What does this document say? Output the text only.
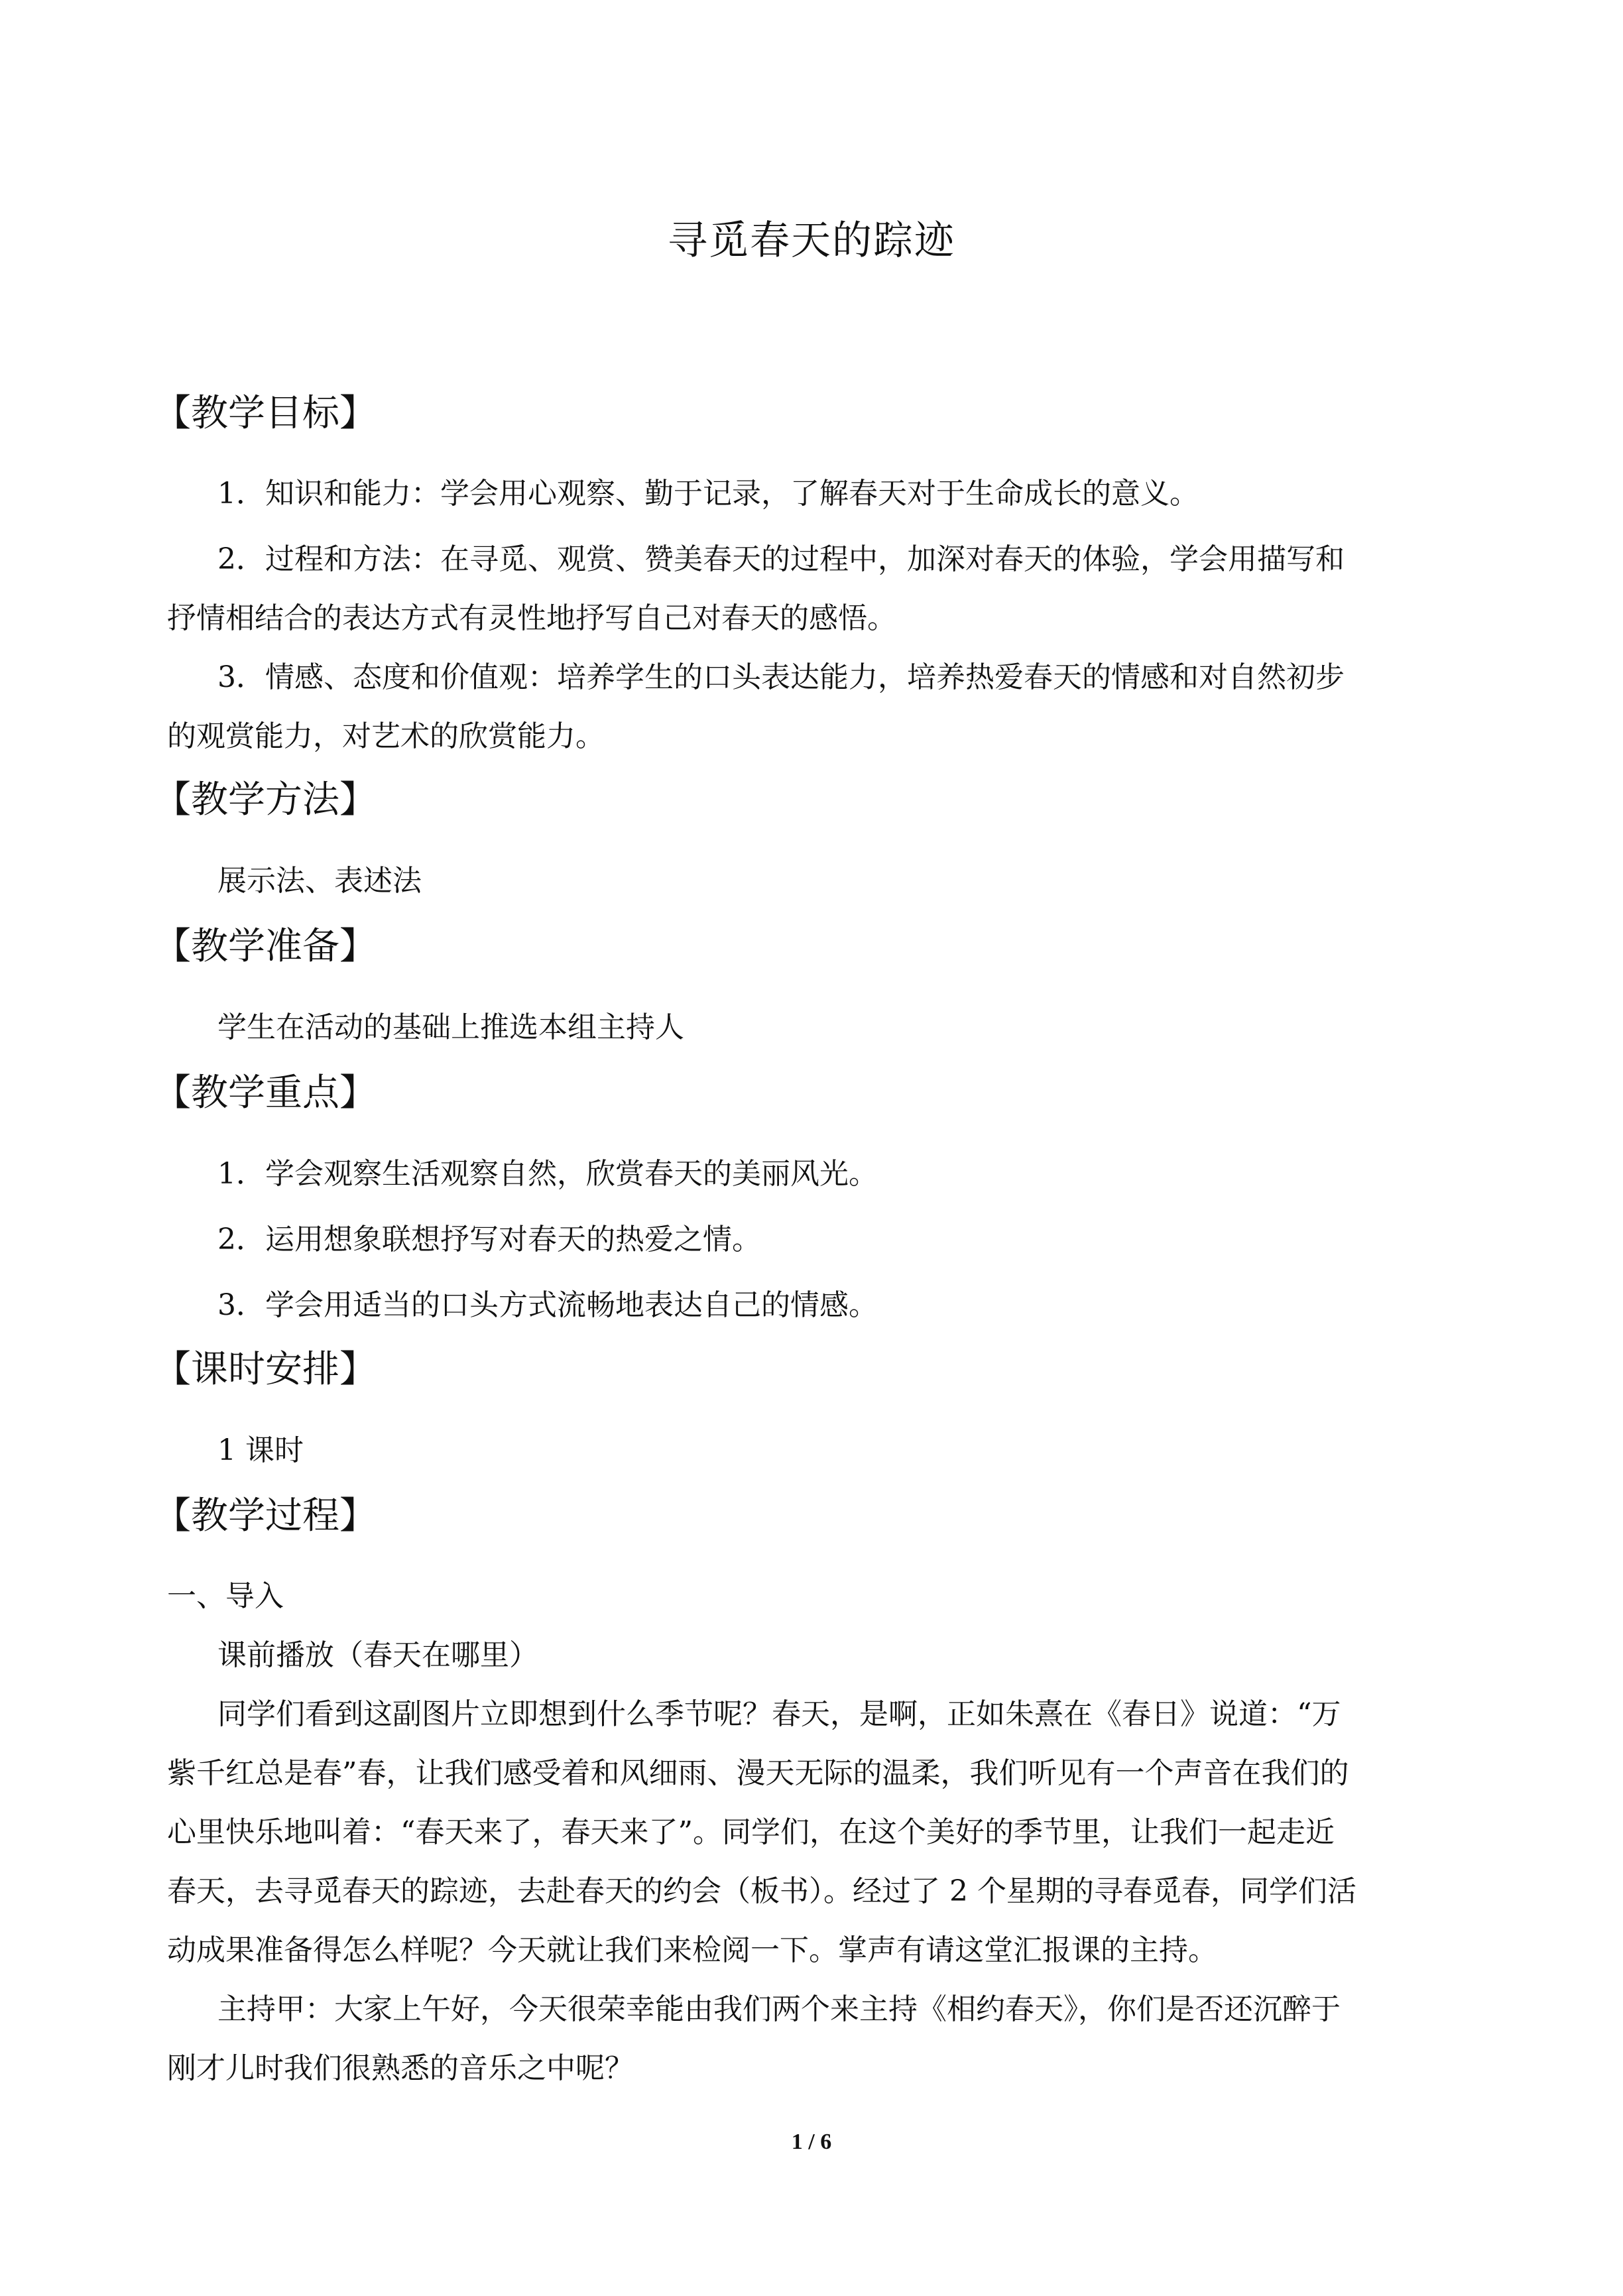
寻觅春天的踪迹
【教学目标】
1．知识和能力：学会用心观察、勤于记录，了解春天对于生命成长的意义。
2．过程和方法：在寻觅、观赏、赞美春天的过程中，加深对春天的体验，学会用描写和
抒情相结合的表达方式有灵性地抒写自己对春天的感悟。
3．情感、态度和价值观：培养学生的口头表达能力，培养热爱春天的情感和对自然初步
的观赏能力，对艺术的欣赏能力。
【教学方法】
展示法、表述法
【教学准备】
学生在活动的基础上推选本组主持人
【教学重点】
1．学会观察生活观察自然，欣赏春天的美丽风光。
2．运用想象联想抒写对春天的热爱之情。
3．学会用适当的口头方式流畅地表达自己的情感。
【课时安排】
1 课时
【教学过程】
一、导入
课前播放（春天在哪里）
同学们看到这副图片立即想到什么季节呢？春天，是啊，正如朱熹在《春日》说道：“万
紫千红总是春”春，让我们感受着和风细雨、漫天无际的温柔，我们听见有一个声音在我们的
心里快乐地叫着：“春天来了，春天来了”。同学们，在这个美好的季节里，让我们一起走近
春天，去寻觅春天的踪迹，去赴春天的约会（板书）。经过了 2 个星期的寻春觅春，同学们活
动成果准备得怎么样呢？今天就让我们来检阅一下。掌声有请这堂汇报课的主持。
主持甲：大家上午好，今天很荣幸能由我们两个来主持《相约春天》，你们是否还沉醉于
刚才儿时我们很熟悉的音乐之中呢？
1 / 6
